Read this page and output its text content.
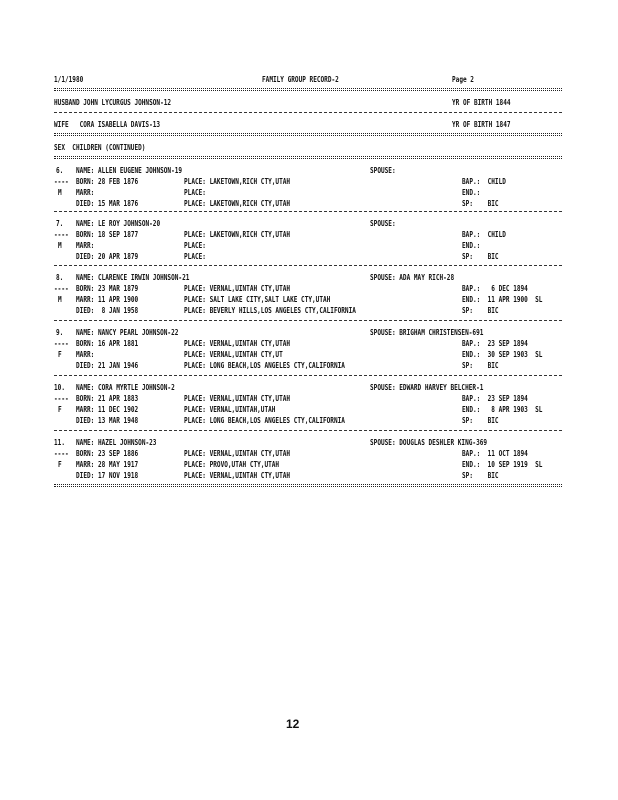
1/1/1980	FAMILY GROUP RECORD-2	Page 2
HUSBAND JOHN LYCURGUS JOHNSON-12	YR OF BIRTH 1844
WIFE   CORA ISABELLA DAVIS-13	YR OF BIRTH 1847
SEX  CHILDREN (CONTINUED)
6. NAME: ALLEN EUGENE JOHNSON-19	SPOUSE:
---- BORN: 28 FEB 1876	PLACE: LAKETOWN,RICH CTY,UTAH	BAP.:  CHILD
M MARR:	PLACE:	END.:
DIED: 15 MAR 1876	PLACE: LAKETOWN,RICH CTY,UTAH	SP:    BIC
7. NAME: LE ROY JOHNSON-20	SPOUSE:
---- BORN: 18 SEP 1877	PLACE: LAKETOWN,RICH CTY,UTAH	BAP.:  CHILD
M MARR:	PLACE:	END.:
DIED: 20 APR 1879	PLACE:	SP:    BIC
8. NAME: CLARENCE IRWIN JOHNSON-21	SPOUSE: ADA MAY RICH-28
---- BORN: 23 MAR 1879	PLACE: VERNAL,UINTAH CTY,UTAH	BAP.:   6 DEC 1894
M MARR: 11 APR 1900	PLACE: SALT LAKE CITY,SALT LAKE CTY,UTAH	END.:  11 APR 1900  SL
DIED:  8 JAN 1958	PLACE: BEVERLY HILLS,LOS ANGELES CTY,CALIFORNIA	SP:    BIC
9. NAME: NANCY PEARL JOHNSON-22	SPOUSE: BRIGHAM CHRISTENSEN-691
---- BORN: 16 APR 1881	PLACE: VERNAL,UINTAH CTY,UTAH	BAP.:  23 SEP 1894
F MARR:	PLACE: VERNAL,UINTAH CTY,UT	END.:  30 SEP 1903  SL
DIED: 21 JAN 1946	PLACE: LONG BEACH,LOS ANGELES CTY,CALIFORNIA	SP:    BIC
10. NAME: CORA MYRTLE JOHNSON-2	SPOUSE: EDWARD HARVEY BELCHER-1
---- BORN: 21 APR 1883	PLACE: VERNAL,UINTAH CTY,UTAH	BAP.:  23 SEP 1894
F MARR: 11 DEC 1902	PLACE: VERNAL,UINTAH,UTAH	END.:   8 APR 1903  SL
DIED: 13 MAR 1948	PLACE: LONG BEACH,LOS ANGELES CTY,CALIFORNIA	SP:    BIC
11. NAME: HAZEL JOHNSON-23	SPOUSE: DOUGLAS DESHLER KING-369
---- BORN: 23 SEP 1886	PLACE: VERNAL,UINTAH CTY,UTAH	BAP.:  11 OCT 1894
F MARR: 28 MAY 1917	PLACE: PROVO,UTAH CTY,UTAH	END.:  10 SEP 1919  SL
DIED: 17 NOV 1918	PLACE: VERNAL,UINTAH CTY,UTAH	SP:    BIC
12
